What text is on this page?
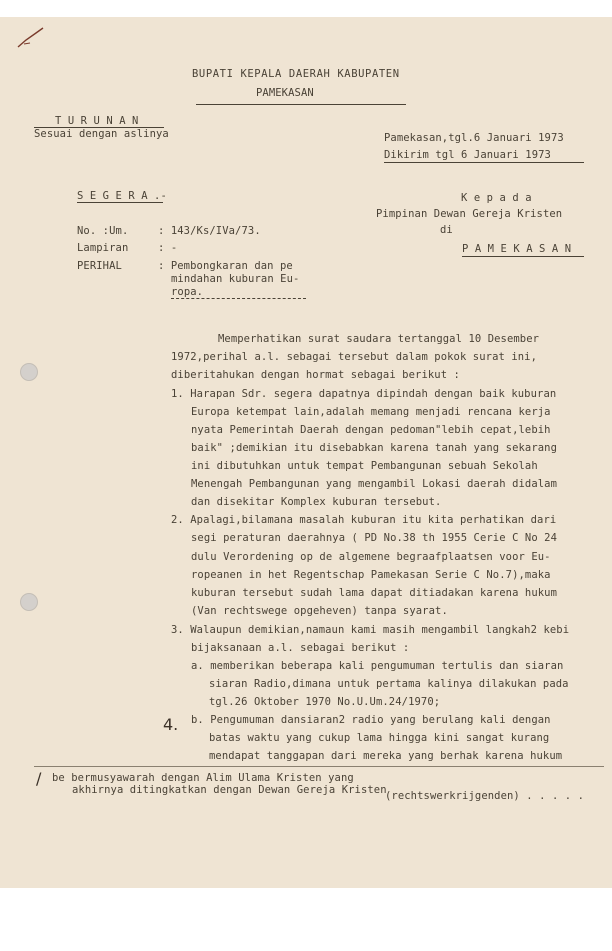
BUPATI KEPALA DAERAH KABUPATEN
PAMEKASAN
T U R U N A N
Sesuai dengan aslinya	Pamekasan,tgl.6 Januari 1973
Dikirim tgl 6 Januari 1973
S E G E R A .-	K e p a d a
Pimpinan Dewan Gereja Kristen
di
P A M E K A S A N
No. :Um.	: 143/Ks/IVa/73.
Lampiran	: -
PERIHAL	: Pembongkaran dan pe
mindahan kuburan Eu-
ropa.
Memperhatikan surat saudara tertanggal 10 Desember
1972,perihal a.l. sebagai tersebut dalam pokok surat ini,
diberitahukan dengan hormat sebagai berikut :
1. Harapan Sdr. segera dapatnya dipindah dengan baik kuburan
Europa ketempat lain,adalah memang menjadi rencana kerja
nyata Pemerintah Daerah dengan pedoman"lebih cepat,lebih
baik" ;demikian itu disebabkan karena tanah yang sekarang
ini dibutuhkan untuk tempat Pembangunan sebuah Sekolah
Menengah Pembangunan yang mengambil Lokasi daerah didalam
dan disekitar Komplex kuburan tersebut.
2. Apalagi,bilamana masalah kuburan itu kita perhatikan dari
segi peraturan daerahnya ( PD No.38 th 1955 Cerie C No 24
dulu Verordening op de algemene begraafplaatsen voor Eu-
ropeanen in het Regentschap Pamekasan Serie C No.7),maka
kuburan tersebut sudah lama dapat ditiadakan karena hukum
(Van rechtswege opgeheven) tanpa syarat.
3. Walaupun demikian,namaun kami masih mengambil langkah2 kebi
bijaksanaan a.l. sebagai berikut :
a. memberikan beberapa kali pengumuman tertulis dan siaran
siaran Radio,dimana untuk pertama kalinya dilakukan pada
tgl.26 Oktober 1970 No.U.Um.24/1970;
b. Pengumuman dansiaran2 radio yang berulang kali dengan
batas waktu yang cukup lama hingga kini sangat kurang
mendapat tanggapan dari mereka yang berhak karena hukum
4.
/ be bermusyawarah dengan Alim Ulama Kristen yang
akhirnya ditingkatkan dengan Dewan Gereja Kristen
(rechtswerkrijgenden) . . . . .
